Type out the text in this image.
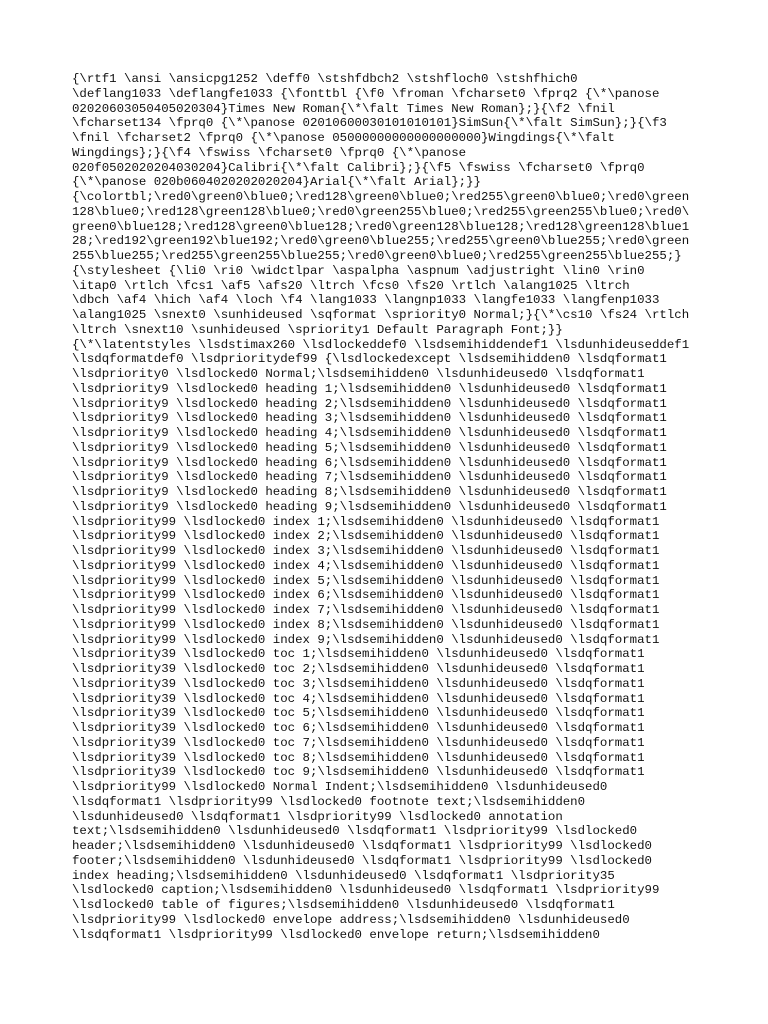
{\rtf1 \ansi \ansicpg1252 \deff0 \stshfdbch2 \stshfloch0 \stshfhich0
\deflang1033 \deflangfe1033 {\fonttbl {\f0 \froman \fcharset0 \fprq2 {\*\panose
02020603050405020304}Times New Roman{\*\falt Times New Roman};}{\f2 \fnil
\fcharset134 \fprq0 {\*\panose 02010600030101010101}SimSun{\*\falt SimSun};}{\f3
\fnil \fcharset2 \fprq0 {\*\panose 05000000000000000000}Wingdings{\*\falt
Wingdings};}{\f4 \fswiss \fcharset0 \fprq0 {\*\panose
020f0502020204030204}Calibri{\*\falt Calibri};}{\f5 \fswiss \fcharset0 \fprq0
{\*\panose 020b0604020202020204}Arial{\*\falt Arial};}}
{\colortbl;\red0\green0\blue0;\red128\green0\blue0;\red255\green0\blue0;\red0\green
128\blue0;\red128\green128\blue0;\red0\green255\blue0;\red255\green255\blue0;\red0\
green0\blue128;\red128\green0\blue128;\red0\green128\blue128;\red128\green128\blue1
28;\red192\green192\blue192;\red0\green0\blue255;\red255\green0\blue255;\red0\green
255\blue255;\red255\green255\blue255;\red0\green0\blue0;\red255\green255\blue255;}
{\stylesheet {\li0 \ri0 \widctlpar \aspalpha \aspnum \adjustright \lin0 \rin0
\itap0 \rtlch \fcs1 \af5 \afs20 \ltrch \fcs0 \fs20 \rtlch \alang1025 \ltrch
\dbch \af4 \hich \af4 \loch \f4 \lang1033 \langnp1033 \langfe1033 \langfenp1033
\alang1025 \snext0 \sunhideused \sqformat \spriority0 Normal;}{\*\cs10 \fs24 \rtlch
\ltrch \snext10 \sunhideused \spriority1 Default Paragraph Font;}}
{\*\latentstyles \lsdstimax260 \lsdlockeddef0 \lsdsemihiddendef1 \lsdunhideuseddef1
\lsdqformatdef0 \lsdprioritydef99 {\lsdlockedexcept \lsdsemihidden0 \lsdqformat1
\lsdpriority0 \lsdlocked0 Normal;\lsdsemihidden0 \lsdunhideused0 \lsdqformat1
\lsdpriority9 \lsdlocked0 heading 1;\lsdsemihidden0 \lsdunhideused0 \lsdqformat1
\lsdpriority9 \lsdlocked0 heading 2;\lsdsemihidden0 \lsdunhideused0 \lsdqformat1
\lsdpriority9 \lsdlocked0 heading 3;\lsdsemihidden0 \lsdunhideused0 \lsdqformat1
\lsdpriority9 \lsdlocked0 heading 4;\lsdsemihidden0 \lsdunhideused0 \lsdqformat1
\lsdpriority9 \lsdlocked0 heading 5;\lsdsemihidden0 \lsdunhideused0 \lsdqformat1
\lsdpriority9 \lsdlocked0 heading 6;\lsdsemihidden0 \lsdunhideused0 \lsdqformat1
\lsdpriority9 \lsdlocked0 heading 7;\lsdsemihidden0 \lsdunhideused0 \lsdqformat1
\lsdpriority9 \lsdlocked0 heading 8;\lsdsemihidden0 \lsdunhideused0 \lsdqformat1
\lsdpriority9 \lsdlocked0 heading 9;\lsdsemihidden0 \lsdunhideused0 \lsdqformat1
\lsdpriority99 \lsdlocked0 index 1;\lsdsemihidden0 \lsdunhideused0 \lsdqformat1
\lsdpriority99 \lsdlocked0 index 2;\lsdsemihidden0 \lsdunhideused0 \lsdqformat1
\lsdpriority99 \lsdlocked0 index 3;\lsdsemihidden0 \lsdunhideused0 \lsdqformat1
\lsdpriority99 \lsdlocked0 index 4;\lsdsemihidden0 \lsdunhideused0 \lsdqformat1
\lsdpriority99 \lsdlocked0 index 5;\lsdsemihidden0 \lsdunhideused0 \lsdqformat1
\lsdpriority99 \lsdlocked0 index 6;\lsdsemihidden0 \lsdunhideused0 \lsdqformat1
\lsdpriority99 \lsdlocked0 index 7;\lsdsemihidden0 \lsdunhideused0 \lsdqformat1
\lsdpriority99 \lsdlocked0 index 8;\lsdsemihidden0 \lsdunhideused0 \lsdqformat1
\lsdpriority99 \lsdlocked0 index 9;\lsdsemihidden0 \lsdunhideused0 \lsdqformat1
\lsdpriority39 \lsdlocked0 toc 1;\lsdsemihidden0 \lsdunhideused0 \lsdqformat1
\lsdpriority39 \lsdlocked0 toc 2;\lsdsemihidden0 \lsdunhideused0 \lsdqformat1
\lsdpriority39 \lsdlocked0 toc 3;\lsdsemihidden0 \lsdunhideused0 \lsdqformat1
\lsdpriority39 \lsdlocked0 toc 4;\lsdsemihidden0 \lsdunhideused0 \lsdqformat1
\lsdpriority39 \lsdlocked0 toc 5;\lsdsemihidden0 \lsdunhideused0 \lsdqformat1
\lsdpriority39 \lsdlocked0 toc 6;\lsdsemihidden0 \lsdunhideused0 \lsdqformat1
\lsdpriority39 \lsdlocked0 toc 7;\lsdsemihidden0 \lsdunhideused0 \lsdqformat1
\lsdpriority39 \lsdlocked0 toc 8;\lsdsemihidden0 \lsdunhideused0 \lsdqformat1
\lsdpriority39 \lsdlocked0 toc 9;\lsdsemihidden0 \lsdunhideused0 \lsdqformat1
\lsdpriority99 \lsdlocked0 Normal Indent;\lsdsemihidden0 \lsdunhideused0
\lsdqformat1 \lsdpriority99 \lsdlocked0 footnote text;\lsdsemihidden0
\lsdunhideused0 \lsdqformat1 \lsdpriority99 \lsdlocked0 annotation
text;\lsdsemihidden0 \lsdunhideused0 \lsdqformat1 \lsdpriority99 \lsdlocked0
header;\lsdsemihidden0 \lsdunhideused0 \lsdqformat1 \lsdpriority99 \lsdlocked0
footer;\lsdsemihidden0 \lsdunhideused0 \lsdqformat1 \lsdpriority99 \lsdlocked0
index heading;\lsdsemihidden0 \lsdunhideused0 \lsdqformat1 \lsdpriority35
\lsdlocked0 caption;\lsdsemihidden0 \lsdunhideused0 \lsdqformat1 \lsdpriority99
\lsdlocked0 table of figures;\lsdsemihidden0 \lsdunhideused0 \lsdqformat1
\lsdpriority99 \lsdlocked0 envelope address;\lsdsemihidden0 \lsdunhideused0
\lsdqformat1 \lsdpriority99 \lsdlocked0 envelope return;\lsdsemihidden0
